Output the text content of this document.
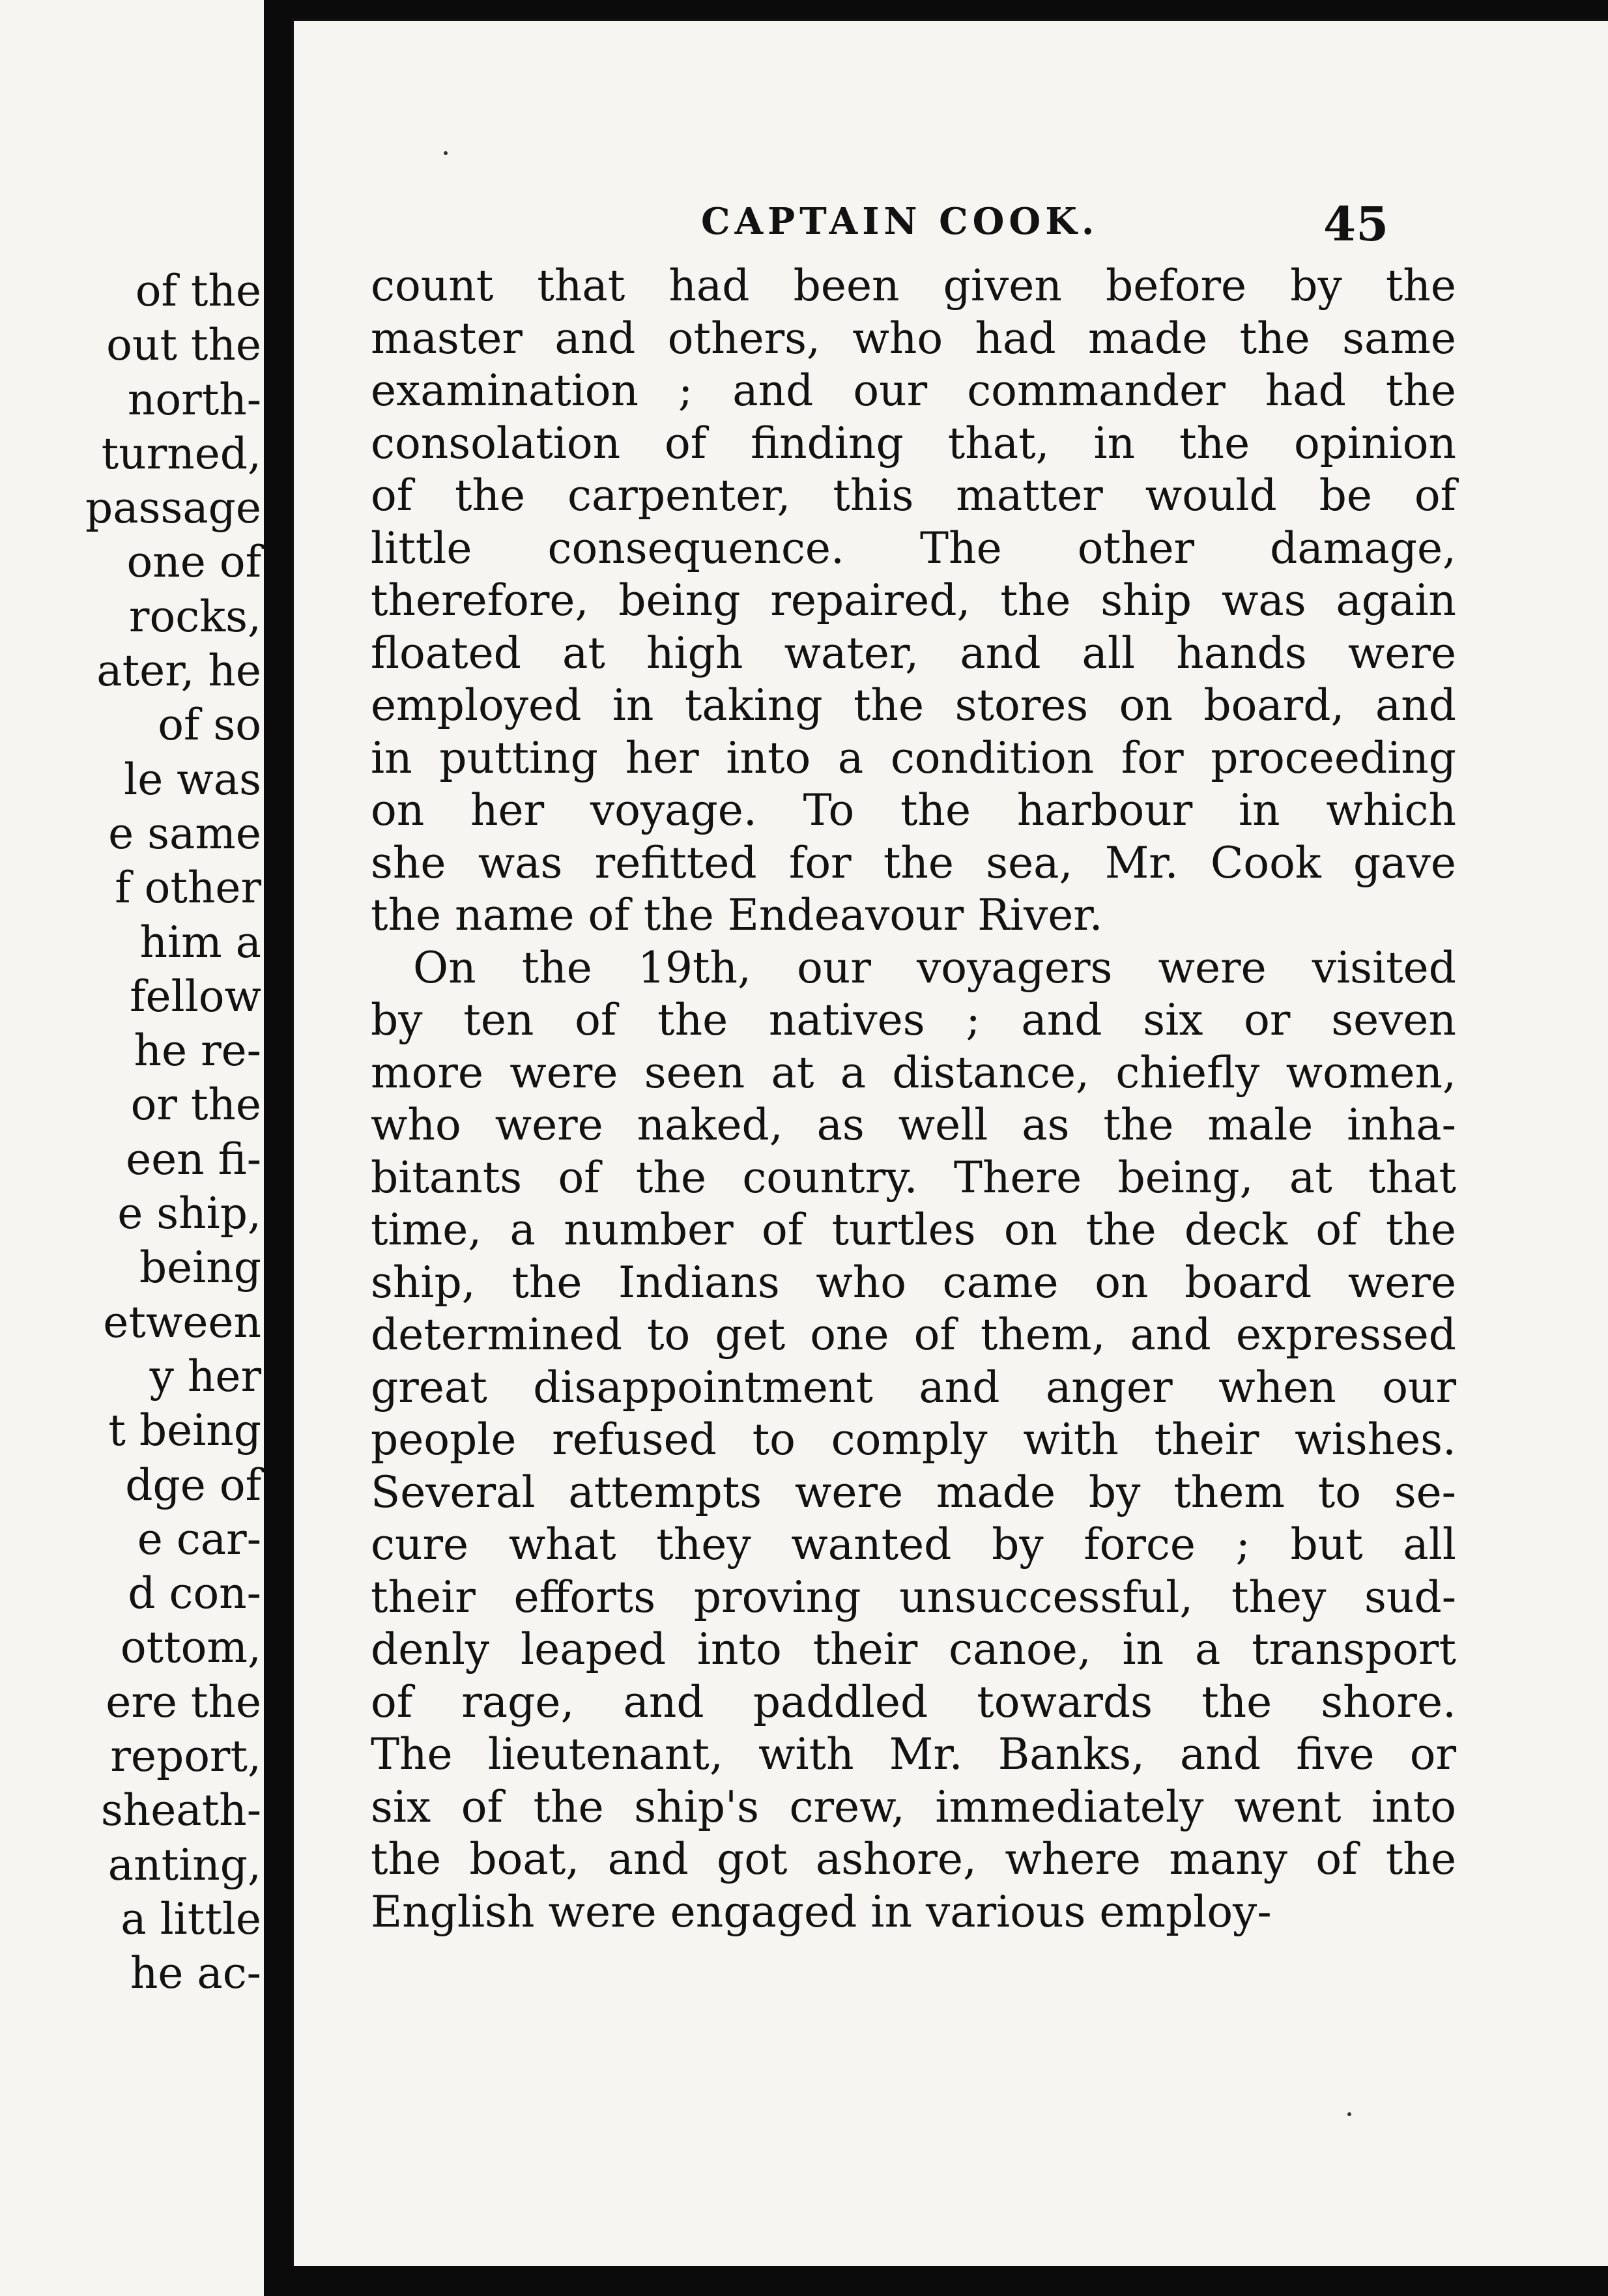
of the
out the
north-
turned,
passage
one of
rocks,
ater, he
of so
le was
e same
f other
him a
fellow
he re-
or the
een fi-
e ship,
being
etween
y her
t being
dge of
e car-
d con-
ottom,
ere the
report,
sheath-
anting,
a little
he ac-
CAPTAIN COOK.	45
count that had been given before by the
master and others, who had made the same
examination ; and our commander had the
consolation of finding that, in the opinion
of the carpenter, this matter would be of
little consequence. The other damage,
therefore, being repaired, the ship was again
floated at high water, and all hands were
employed in taking the stores on board, and
in putting her into a condition for proceeding
on her voyage. To the harbour in which
she was refitted for the sea, Mr. Cook gave
the name of the Endeavour River.
On the 19th, our voyagers were visited
by ten of the natives ; and six or seven
more were seen at a distance, chiefly women,
who were naked, as well as the male inha-
bitants of the country. There being, at that
time, a number of turtles on the deck of the
ship, the Indians who came on board were
determined to get one of them, and expressed
great disappointment and anger when our
people refused to comply with their wishes.
Several attempts were made by them to se-
cure what they wanted by force ; but all
their efforts proving unsuccessful, they sud-
denly leaped into their canoe, in a transport
of rage, and paddled towards the shore.
The lieutenant, with Mr. Banks, and five or
six of the ship's crew, immediately went into
the boat, and got ashore, where many of the
English were engaged in various employ-
